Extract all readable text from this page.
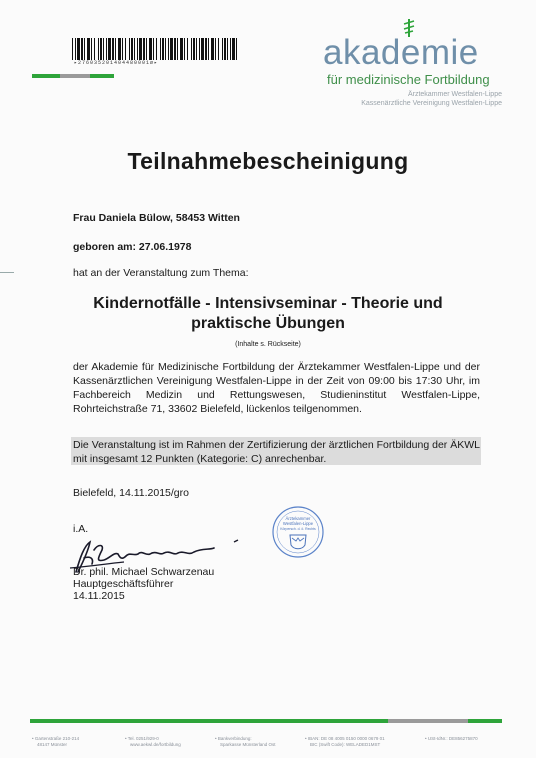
▸276035201404480001ø▸	akademie
für medizinische Fortbildung
Ärztekammer Westfalen-Lippe
Kassenärztliche Vereinigung Westfalen-Lippe
Teilnahmebescheinigung
Frau Daniela Bülow, 58453 Witten
geboren am: 27.06.1978
hat an der Veranstaltung zum Thema:
Kindernotfälle - Intensivseminar - Theorie und
praktische Übungen
(Inhalte s. Rückseite)
der Akademie für Medizinische Fortbildung der Ärztekammer Westfalen-Lippe und der Kassenärztlichen Vereinigung Westfalen-Lippe in der Zeit von 09:00 bis 17:30 Uhr, im Fachbereich Medizin und Rettungswesen, Studieninstitut Westfalen-Lippe, Rohrteichstraße 71, 33602 Bielefeld, lückenlos teilgenommen.
Die Veranstaltung ist im Rahmen der Zertifizierung der ärztlichen Fortbildung der ÄKWL mit insgesamt 12 Punkten (Kategorie: C) anrechenbar.
Bielefeld, 14.11.2015/gro
i.A.
Dr. phil. Michael Schwarzenau
Hauptgeschäftsführer
14.11.2015
Ärztekammer
Westfalen-Lippe
Körpersch. d. ö. Rechts
• Gartenstraße 210-214
48147 Münster
• Tel. 0251/929-0
www.aekwl.de/fortbildung
• Bankverbindung:
Sparkasse Münsterland Ost
• IBAN: DE 08 4005 0150 0000 0679 01
BIC (Swift Code): WELADED1MST
• USt-IdNr.: DE856275870
